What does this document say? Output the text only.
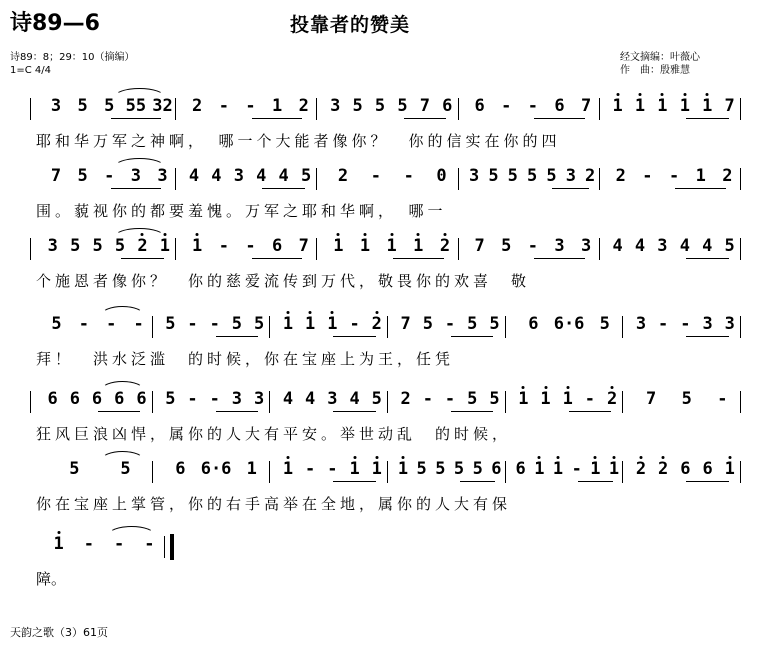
诗89—6	投靠者的赞美
诗89：8；29：10（摘编）
1=C 4/4
经文摘编：叶薇心
作　曲：殷雅慧
3 5 5 55 32 2 - - 1 2 3 5 5 5 7 6 6 - - 6 7 1 1 1 1 1 7
耶和华万军之神啊，　哪一个大能者像你？　你的信实在你的四
7 5 - 3 3 4 4 3 4 4 5 2 - - 0 3 5 5 5 5 3 2 2 - - 1 2
围。藐视你的都要羞愧。万军之耶和华啊，　哪一
3 5 5 5 2 1 1 - - 6 7 1 1 1 1 2 7 5 - 3 3 4 4 3 4 4 5
个施恩者像你？　你的慈爱流传到万代，敬畏你的欢喜　敬
5 - - - 5 - - 5 5 1 1 1 - 2 7 5 - 5 5 6 6·6 5 3 - - 3 3
拜！　洪水泛滥　的时候，你在宝座上为王，任凭
6 6 6 6 6 5 - - 3 3 4 4 3 4 5 2 - - 5 5 1 1 1 - 2 7 5 -
狂风巨浪凶悍，属你的人大有平安。举世动乱　的时候，
5 5	6 6·6 1 1 - - 1 1 1 5 5 5 5 6 6 1 1 - 1 1 2 2 6 6 1
你在宝座上掌管，你的右手高举在全地，属你的人大有保
1 - - -
障。
天韵之歌（3）61页
